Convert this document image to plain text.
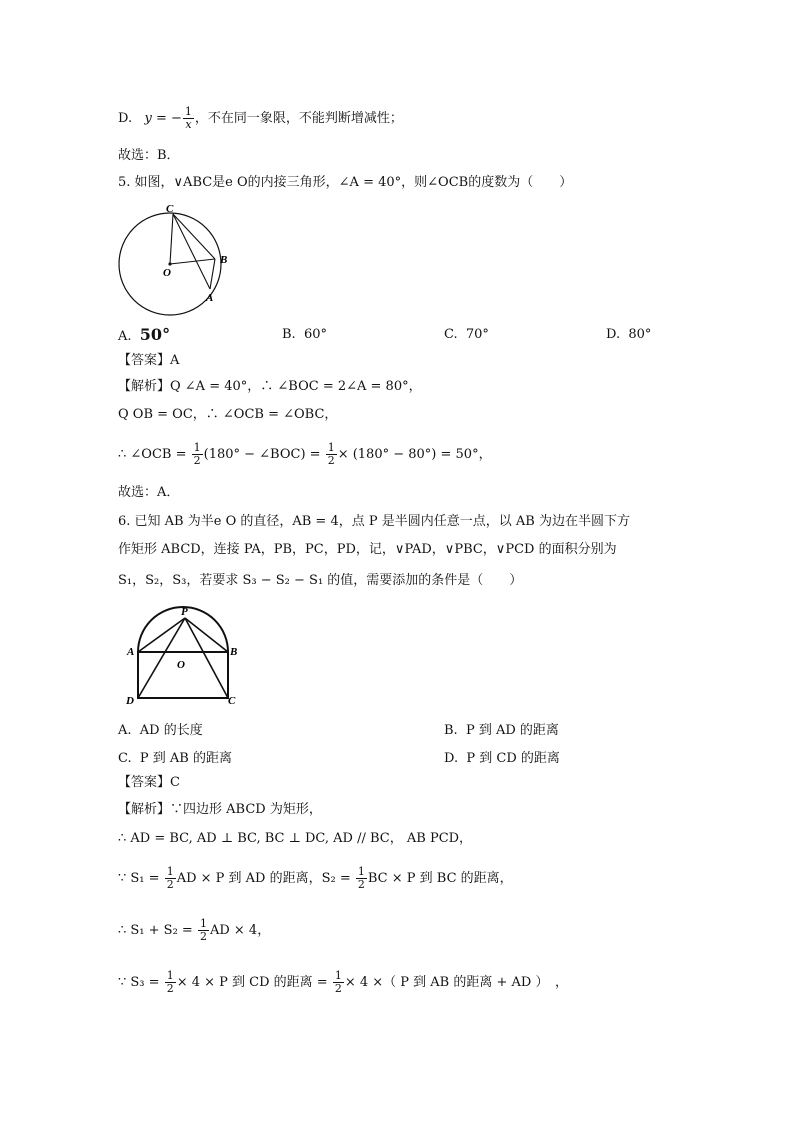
D. y = − $\frac{1}{x}$ ，不在同一象限，不能判断增减性；
故选：B．
5. 如图，∨ABC是e O的内接三角形，∠A = 40°，则∠OCB的度数为（　　）
C
O
B
A
A. 50°	B. 60°	C. 70°	D. 80°
【答案】A
【解析】Q ∠A = 40°，∴ ∠BOC = 2∠A = 80°，
Q OB = OC，∴ ∠OCB = ∠OBC，
∴ ∠OCB = $\frac{1}{2} (180^\circ$ − ∠BOC) = $\frac{1}{2} \times (180^\circ - 80^\circ) = 50^\circ$，
故选：A．
6. 已知 AB 为半e O 的直径，AB = 4，点 P 是半圆内任意一点，以 AB 为边在半圆下方
作矩形 ABCD，连接 PA，PB，PC，PD，记，∨PAD，∨PBC，∨PCD 的面积分别为
S₁，S₂，S₃，若要求 S₃ − S₂ − S₁ 的值，需要添加的条件是（　　）
P
A	B
O
D	C
A. AD 的长度	B. P 到 AD 的距离
C. P 到 AB 的距离	D. P 到 CD 的距离
【答案】C
【解析】∵四边形 ABCD 为矩形，
∴ AD = BC, AD ⊥ BC, BC ⊥ DC, AD // BC， AB PCD，
∵ $S_1 = \frac{1}{2}$ AD × P 到 AD 的距离，$S_2 = \frac{1}{2}$ BC × P 到 BC 的距离，
∴ $S_1 + S_2 = \frac{1}{2}$ AD × 4，
∵ $S_3 = \frac{1}{2} \times 4 \times P$ 到 CD 的距离 = $\frac{1}{2} \times 4$ ×（ P 到 AB 的距离 + AD ）　，
